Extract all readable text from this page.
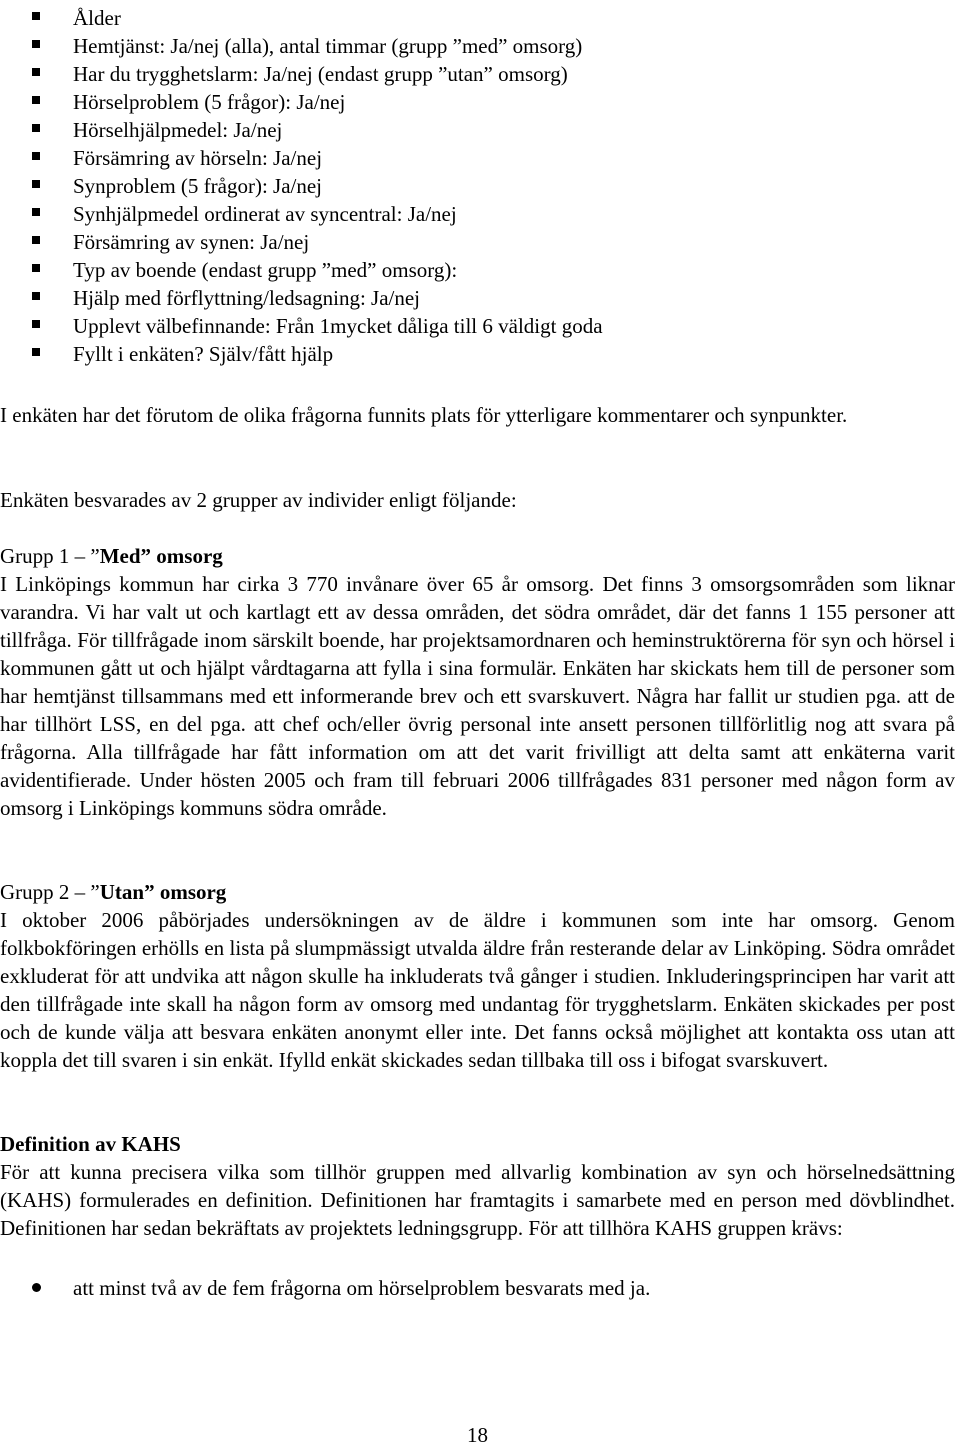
Ålder
Hemtjänst: Ja/nej (alla), antal timmar (grupp ”med” omsorg)
Har du trygghetslarm: Ja/nej (endast grupp ”utan” omsorg)
Hörselproblem (5 frågor): Ja/nej
Hörselhjälpmedel: Ja/nej
Försämring av hörseln: Ja/nej
Synproblem (5 frågor): Ja/nej
Synhjälpmedel ordinerat av syncentral: Ja/nej
Försämring av synen: Ja/nej
Typ av boende (endast grupp ”med” omsorg):
Hjälp med förflyttning/ledsagning: Ja/nej
Upplevt välbefinnande: Från 1mycket dåliga till 6 väldigt goda
Fyllt i enkäten? Själv/fått hjälp

I enkäten har det förutom de olika frågorna funnits plats för ytterligare kommentarer och synpunkter.

Enkäten besvarades av 2 grupper av individer enligt följande:

Grupp 1 – ”Med” omsorg

I Linköpings kommun har cirka 3 770 invånare över 65 år omsorg. Det finns 3 omsorgsområden som liknar varandra. Vi har valt ut och kartlagt ett av dessa områden, det södra området, där det fanns 1 155 personer att tillfråga. För tillfrågade inom särskilt boende, har projektsamordnaren och heminstruktörerna för syn och hörsel i kommunen gått ut och hjälpt vårdtagarna att fylla i sina formulär. Enkäten har skickats hem till de personer som har hemtjänst tillsammans med ett informerande brev och ett svarskuvert. Några har fallit ur studien pga. att de har tillhört LSS, en del pga. att chef och/eller övrig personal inte ansett personen tillförlitlig nog att svara på frågorna. Alla tillfrågade har fått information om att det varit frivilligt att delta samt att enkäterna varit avidentifierade. Under hösten 2005 och fram till februari 2006 tillfrågades 831 personer med någon form av omsorg i Linköpings kommuns södra område.

Grupp 2 – ”Utan” omsorg

I oktober 2006 påbörjades undersökningen av de äldre i kommunen som inte har omsorg. Genom folkbokföringen erhölls en lista på slumpmässigt utvalda äldre från resterande delar av Linköping. Södra området exkluderat för att undvika att någon skulle ha inkluderats två gånger i studien. Inkluderingsprincipen har varit att den tillfrågade inte skall ha någon form av omsorg med undantag för trygghetslarm. Enkäten skickades per post och de kunde välja att besvara enkäten anonymt eller inte. Det fanns också möjlighet att kontakta oss utan att koppla det till svaren i sin enkät. Ifylld enkät skickades sedan tillbaka till oss i bifogat svarskuvert.

Definition av KAHS

För att kunna precisera vilka som tillhör gruppen med allvarlig kombination av syn och hörselnedsättning (KAHS) formulerades en definition. Definitionen har framtagits i samarbete med en person med dövblindhet. Definitionen har sedan bekräftats av projektets ledningsgrupp. För att tillhöra KAHS gruppen krävs:

att minst två av de fem frågorna om hörselproblem besvarats med ja.
18
